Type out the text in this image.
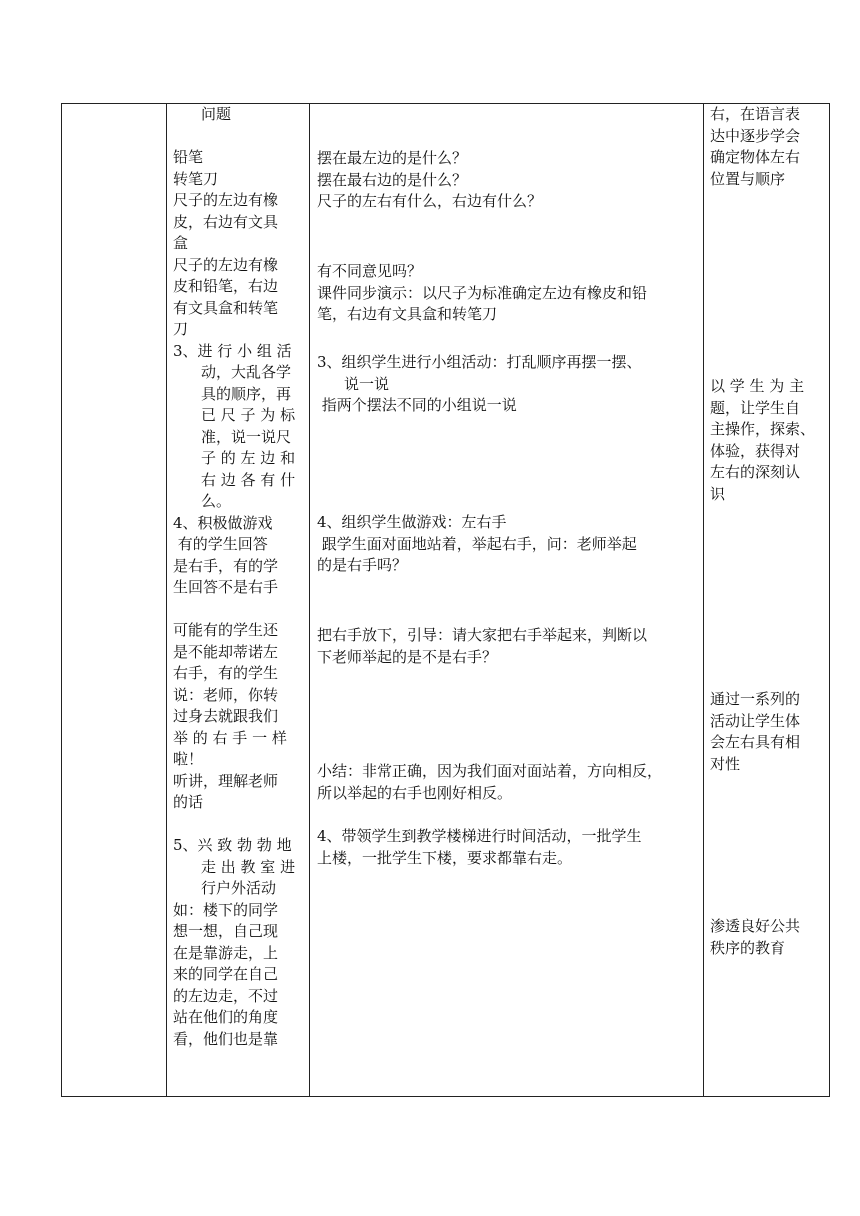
问题
铅笔
转笔刀
尺子的左边有橡
皮，右边有文具
盒
尺子的左边有橡
皮和铅笔，右边
有文具盒和转笔
刀
3、进 行 小 组 活
动，大乱各学
具的顺序，再
已 尺 子 为 标
准，说一说尺
子 的 左 边 和
右 边 各 有 什
么。
4、积极做游戏
有的学生回答
是右手，有的学
生回答不是右手
可能有的学生还
是不能却蒂诺左
右手，有的学生
说：老师，你转
过身去就跟我们
举 的 右 手 一 样
啦！
听讲，理解老师
的话
5、兴 致 勃 勃 地
走 出 教 室 进
行户外活动
如：楼下的同学
想一想，自己现
在是靠游走，上
来的同学在自己
的左边走，不过
站在他们的角度
看，他们也是靠
摆在最左边的是什么？
摆在最右边的是什么？
尺子的左右有什么，右边有什么？
有不同意见吗？
课件同步演示：以尺子为标准确定左边有橡皮和铅
笔，右边有文具盒和转笔刀
3、组织学生进行小组活动：打乱顺序再摆一摆、
说一说
指两个摆法不同的小组说一说
4、组织学生做游戏：左右手
跟学生面对面地站着，举起右手，问：老师举起
的是右手吗？
把右手放下，引导：请大家把右手举起来，判断以
下老师举起的是不是右手？
小结：非常正确，因为我们面对面站着，方向相反，
所以举起的右手也刚好相反。
4、带领学生到教学楼梯进行时间活动，一批学生
上楼，一批学生下楼，要求都靠右走。
右，在语言表
达中逐步学会
确定物体左右
位置与顺序
以 学 生 为 主
题，让学生自
主操作，探索、
体验，获得对
左右的深刻认
识
通过一系列的
活动让学生体
会左右具有相
对性
渗透良好公共
秩序的教育
